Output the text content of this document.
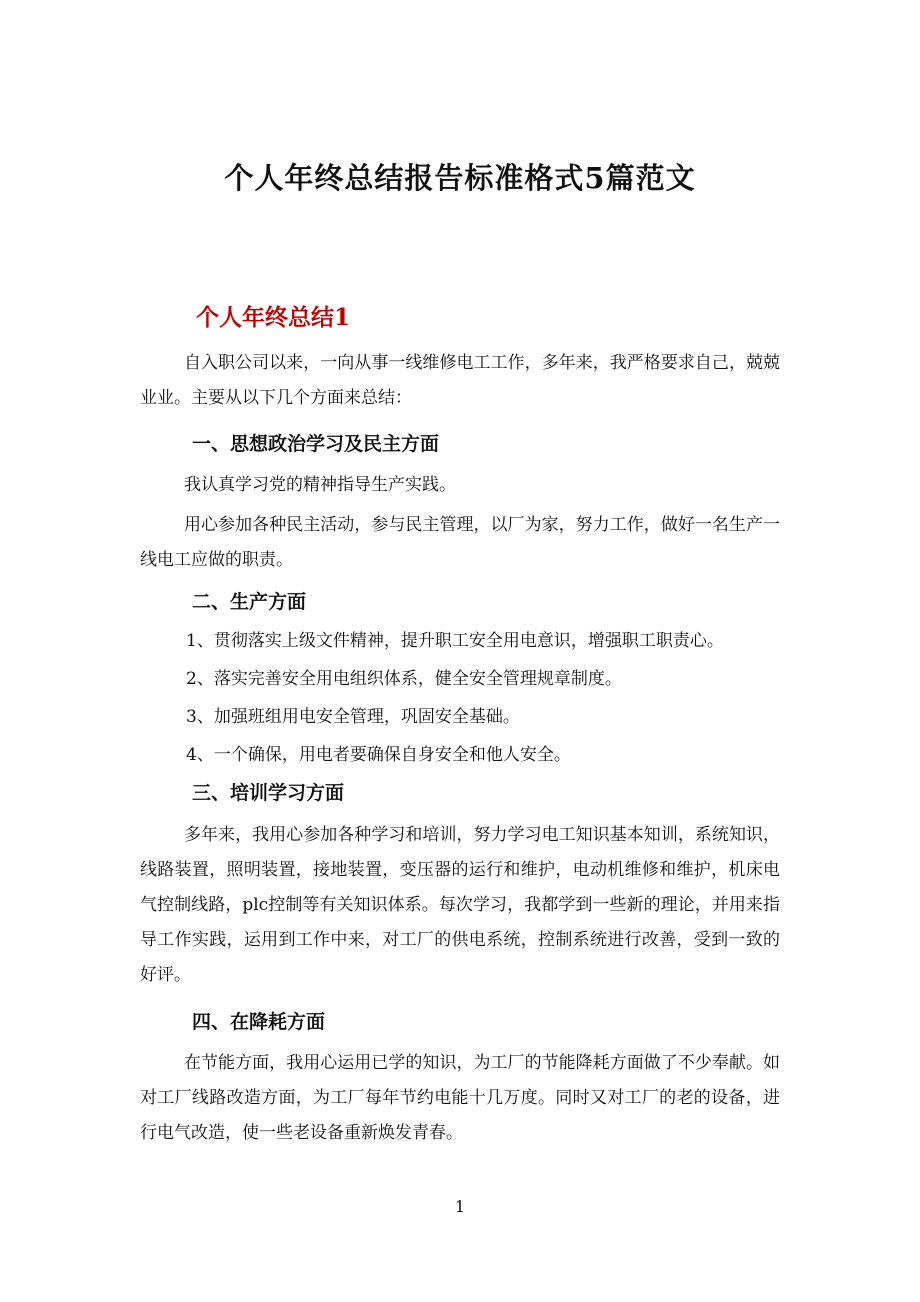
个人年终总结报告标准格式5篇范文
个人年终总结1

自入职公司以来，一向从事一线维修电工工作，多年来，我严格要求自己，兢兢业业。主要从以下几个方面来总结：

一、思想政治学习及民主方面

我认真学习党的精神指导生产实践。

用心参加各种民主活动，参与民主管理，以厂为家，努力工作，做好一名生产一线电工应做的职责。

二、生产方面

1、贯彻落实上级文件精神，提升职工安全用电意识，增强职工职责心。

2、落实完善安全用电组织体系，健全安全管理规章制度。

3、加强班组用电安全管理，巩固安全基础。

4、一个确保，用电者要确保自身安全和他人安全。

三、培训学习方面

多年来，我用心参加各种学习和培训，努力学习电工知识基本知训，系统知识，线路装置，照明装置，接地装置，变压器的运行和维护，电动机维修和维护，机床电气控制线路，plc控制等有关知识体系。每次学习，我都学到一些新的理论，并用来指导工作实践，运用到工作中来，对工厂的供电系统，控制系统进行改善，受到一致的好评。

四、在降耗方面

在节能方面，我用心运用已学的知识，为工厂的节能降耗方面做了不少奉献。如对工厂线路改造方面，为工厂每年节约电能十几万度。同时又对工厂的老的设备，进行电气改造，使一些老设备重新焕发青春。

1
